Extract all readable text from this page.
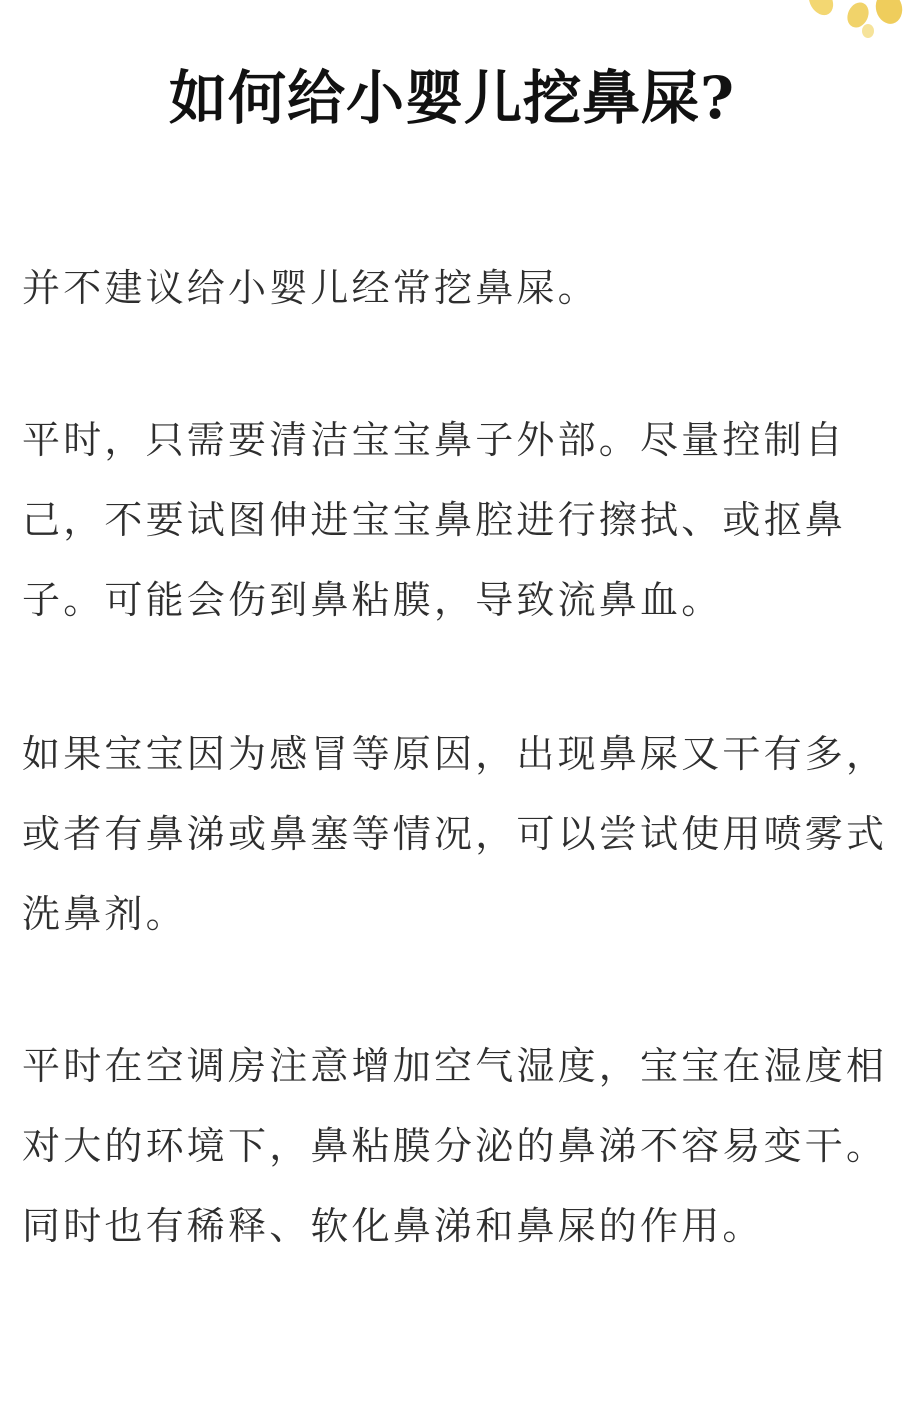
如何给小婴儿挖鼻屎?

并不建议给小婴儿经常挖鼻屎。

平时，只需要清洁宝宝鼻子外部。尽量控制自己，不要试图伸进宝宝鼻腔进行擦拭、或抠鼻子。可能会伤到鼻粘膜，导致流鼻血。

如果宝宝因为感冒等原因，出现鼻屎又干有多，或者有鼻涕或鼻塞等情况，可以尝试使用喷雾式洗鼻剂。

平时在空调房注意增加空气湿度，宝宝在湿度相对大的环境下，鼻粘膜分泌的鼻涕不容易变干。同时也有稀释、软化鼻涕和鼻屎的作用。
